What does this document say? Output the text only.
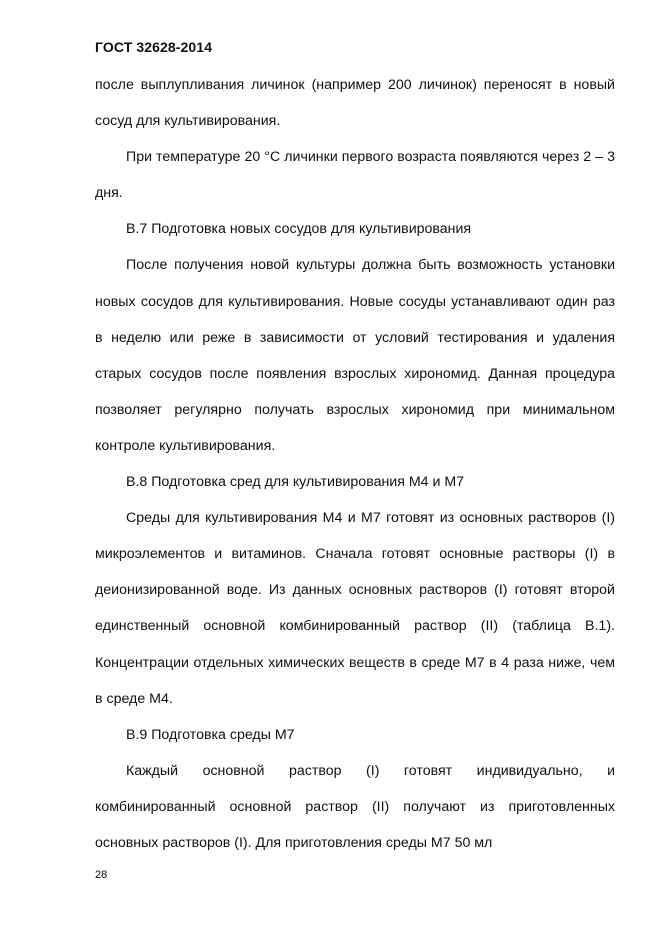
ГОСТ 32628-2014

после выплупливания личинок (например 200 личинок) переносят в новый сосуд для культивирования.

При температуре 20 °С личинки первого возраста появляются через 2 – 3 дня.

В.7 Подготовка новых сосудов для культивирования

После получения новой культуры должна быть возможность установки новых сосудов для культивирования. Новые сосуды устанавливают один раз в неделю или реже в зависимости от условий тестирования и удаления старых сосудов после появления взрослых хирономид. Данная процедура позволяет регулярно получать взрослых хирономид при минимальном контроле культивирования.

В.8 Подготовка сред для культивирования М4 и М7

Среды для культивирования М4 и М7 готовят из основных растворов (I) микроэлементов и витаминов. Сначала готовят основные растворы (I) в деионизированной воде. Из данных основных растворов (I) готовят второй единственный основной комбинированный раствор (II) (таблица В.1). Концентрации отдельных химических веществ в среде М7 в 4 раза ниже, чем в среде М4.

В.9 Подготовка среды М7

Каждый основной раствор (I) готовят индивидуально, и комбинированный основной раствор (II) получают из приготовленных основных растворов (I). Для приготовления среды М7 50 мл

28
